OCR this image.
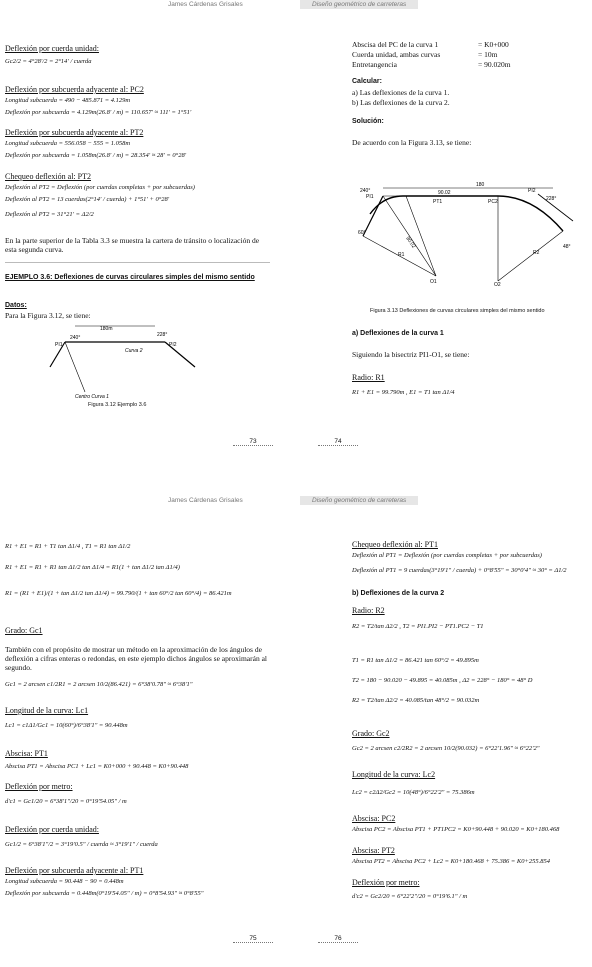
James Cárdenas Grisales	Diseño geométrico de carreteras
Deflexión por cuerda unidad:
Gc2/2 = 4°28'/2 = 2°14' / cuerda
Deflexión por subcuerda adyacente al: PC2
Longitud subcuerda = 490 − 485.871 = 4.129m
Deflexión por subcuerda = 4.129m(26.8' / m) = 110.657' ≈ 111' = 1°51'
Deflexión por subcuerda adyacente al: PT2
Longitud subcuerda = 556.058 − 555 = 1.058m
Deflexión por subcuerda = 1.058m(26.8' / m) = 28.354' ≈ 28' = 0°28'
Chequeo deflexión al: PT2
Deflexión al PT2 = Deflexión (por cuerdas completas + por subcuerdas)
Deflexión al PT2 = 13 cuerdas(2°14' / cuerda) + 1°51' + 0°28'
Deflexión al PT2 = 31°21' = Δ2/2
En la parte superior de la Tabla 3.3 se muestra la cartera de tránsito o localización de esta segunda curva.
EJEMPLO 3.6: Deflexiones de curvas circulares simples del mismo sentido
Datos:
Para la Figura 3.12, se tiene:
180m
240°	228°
PI1	PI2
Curva 2
Centro Curva 1
Figura 3.12 Ejemplo 3.6
73
Abscisa del PC de la curva 1	= K0+000
Cuerda unidad, ambas curvas	= 10m
Entretangencia	= 90.020m
Calcular:
a) Las deflexiones de la curva 1.
b) Las deflexiones de la curva 2.
Solución:
De acuerdo con la Figura 3.13, se tiene:
180
90.02
240°
228°
PI1
PI2
PT1	PC2
O1	O2
R2
R1
90.02
60°
48°
Figura 3.13 Deflexiones de curvas circulares simples del mismo sentido
a) Deflexiones de la curva 1
Siguiendo la bisectriz PI1-O1, se tiene:
Radio: R1
R1 + E1 = 99.790m , E1 = T1 tan Δ1/4
74
James Cárdenas Grisales	Diseño geométrico de carreteras
R1 + E1 = R1 + T1 tan Δ1/4 , T1 = R1 tan Δ1/2
R1 + E1 = R1 + R1 tan Δ1/2 tan Δ1/4 = R1(1 + tan Δ1/2 tan Δ1/4)
R1 = (R1 + E1)/(1 + tan Δ1/2 tan Δ1/4) = 99.790/(1 + tan 60°/2 tan 60°/4) = 86.421m
Grado: Gc1
También con el propósito de mostrar un método en la aproximación de los ángulos de deflexión a cifras enteras o redondas, en este ejemplo dichos ángulos se aproximarán al segundo.
Gc1 = 2 arcsen c1/2R1 = 2 arcsen 10/2(86.421) = 6°38'0.78" ≈ 6°38'1"
Longitud de la curva: Lc1
Lc1 = c1Δ1/Gc1 = 10(60°)/6°38'1" = 90.448m
Abscisa: PT1
Abscisa PT1 = Abscisa PC1 + Lc1 = K0+000 + 90.448 = K0+90.448
Deflexión por metro:
d'c1 = Gc1/20 = 6°38'1"/20 = 0°19'54.05" / m
Deflexión por cuerda unidad:
Gc1/2 = 6°38'1"/2 = 3°19'0.5" / cuerda ≈ 3°19'1" / cuerda
Deflexión por subcuerda adyacente al: PT1
Longitud subcuerda = 90.448 − 90 = 0.448m
Deflexión por subcuerda = 0.448m(0°19'54.05" / m) = 0°8'54.93" ≈ 0°8'55"
75
Chequeo deflexión al: PT1
Deflexión al PT1 = Deflexión (por cuerdas completas + por subcuerdas)
Deflexión al PT1 = 9 cuerdas(3°19'1" / cuerda) + 0°8'55" = 30°0'4" ≈ 30° = Δ1/2
b) Deflexiones de la curva 2
Radio: R2
R2 = T2/tan Δ2/2 , T2 = PI1.PI2 − PT1.PC2 − T1
T1 = R1 tan Δ1/2 = 86.421 tan 60°/2 = 49.895m
T2 = 180 − 90.020 − 49.895 = 40.085m , Δ2 = 228° − 180° = 48° D
R2 = T2/tan Δ2/2 = 40.085/tan 48°/2 = 90.032m
Grado: Gc2
Gc2 = 2 arcsen c2/2R2 = 2 arcsen 10/2(90.032) = 6°22'1.96" ≈ 6°22'2"
Longitud de la curva: Lc2
Lc2 = c2Δ2/Gc2 = 10(48°)/6°22'2" = 75.386m
Abscisa: PC2
Abscisa PC2 = Abscisa PT1 + PT1PC2 = K0+90.448 + 90.020 = K0+180.468
Abscisa: PT2
Abscisa PT2 = Abscisa PC2 + Lc2 = K0+180.468 + 75.386 = K0+255.854
Deflexión por metro:
d'c2 = Gc2/20 = 6°22'2"/20 = 0°19'6.1" / m
76
